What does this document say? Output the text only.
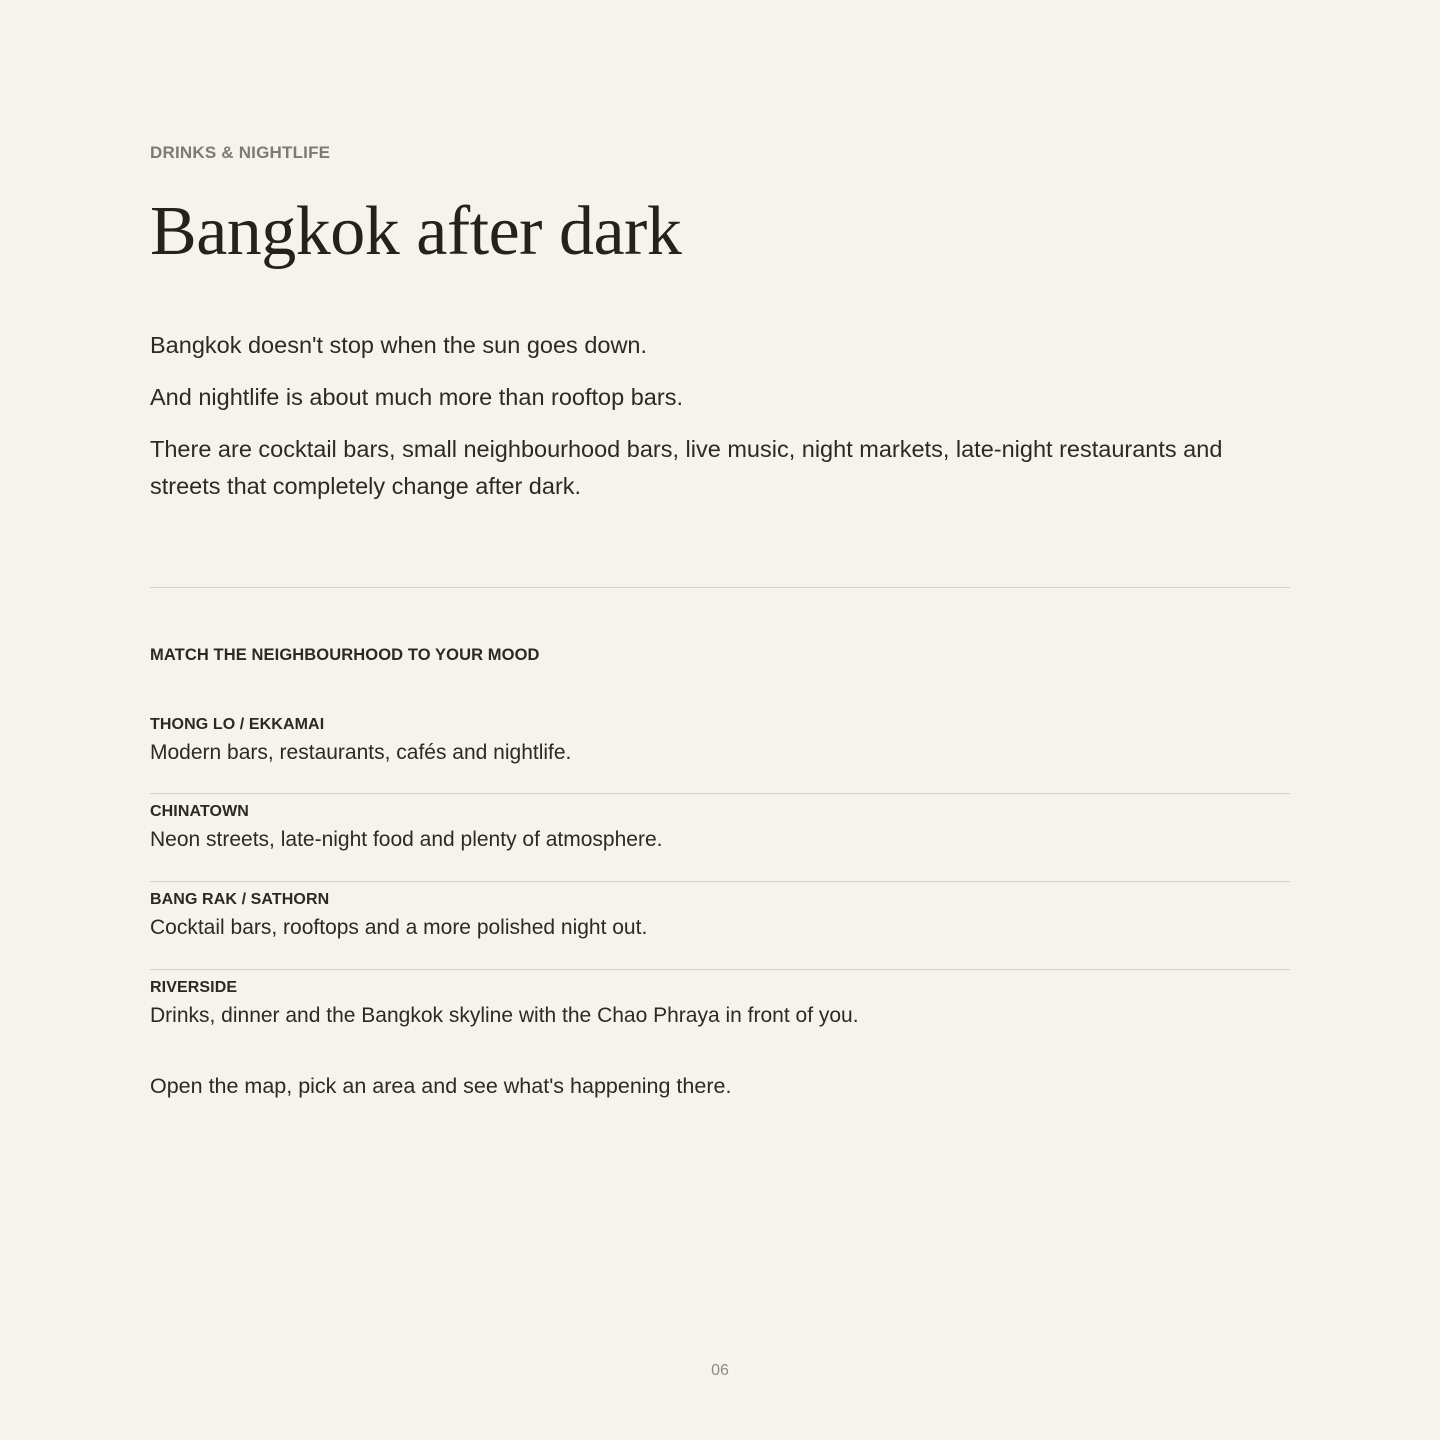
DRINKS & NIGHTLIFE
Bangkok after dark

Bangkok doesn't stop when the sun goes down.

And nightlife is about much more than rooftop bars.

There are cocktail bars, small neighbourhood bars, live music, night markets, late-night restaurants and streets that completely change after dark.

MATCH THE NEIGHBOURHOOD TO YOUR MOOD
THONG LO / EKKAMAI
Modern bars, restaurants, cafés and nightlife.
CHINATOWN
Neon streets, late-night food and plenty of atmosphere.
BANG RAK / SATHORN
Cocktail bars, rooftops and a more polished night out.
RIVERSIDE
Drinks, dinner and the Bangkok skyline with the Chao Phraya in front of you.
Open the map, pick an area and see what's happening there.
06
